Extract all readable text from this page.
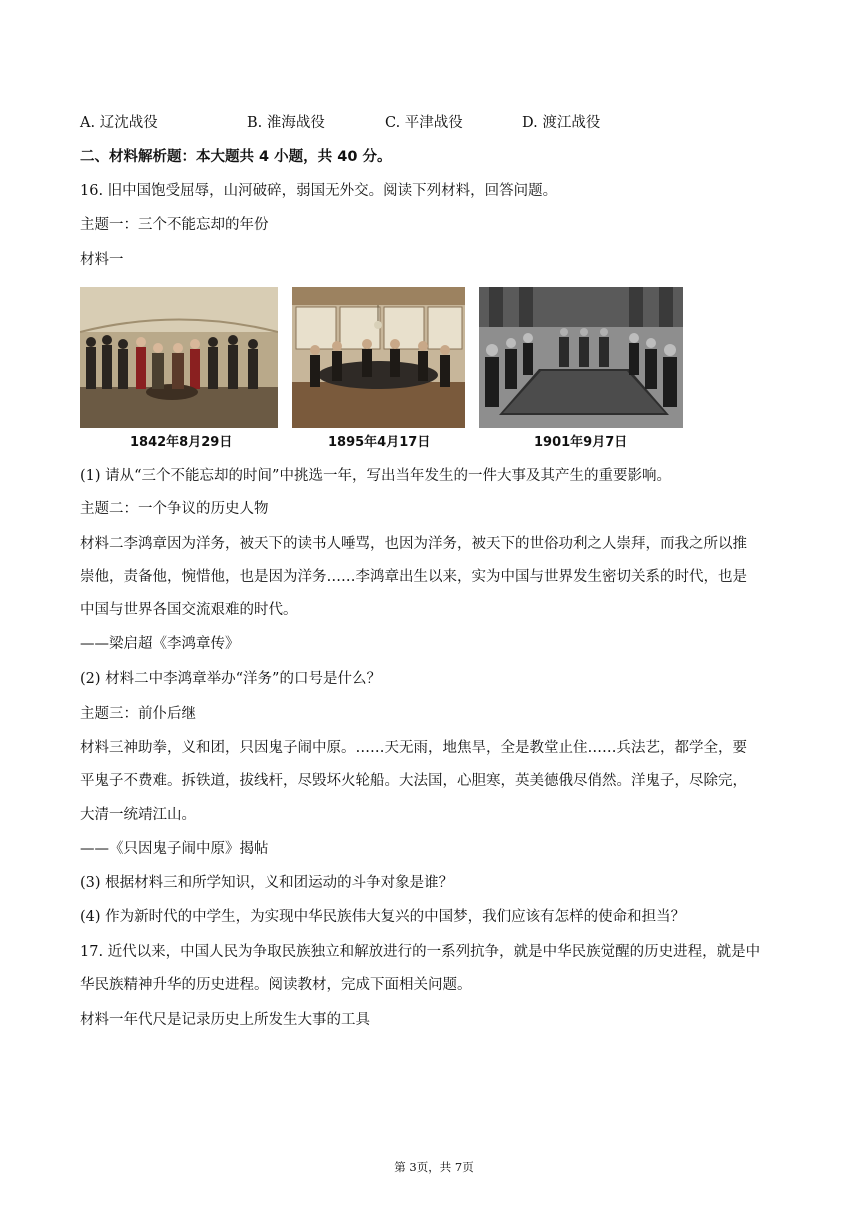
A. 辽沈战役	B. 淮海战役	C. 平津战役	D. 渡江战役
二、材料解析题：本大题共 4 小题，共 40 分。
16. 旧中国饱受屈辱，山河破碎，弱国无外交。阅读下列材料，回答问题。
主题一：三个不能忘却的年份
材料一
1842年8月29日	1895年4月17日	1901年9月7日
(1) 请从“三个不能忘却的时间”中挑选一年，写出当年发生的一件大事及其产生的重要影响。
主题二：一个争议的历史人物
材料二李鸿章因为洋务，被天下的读书人唾骂，也因为洋务，被天下的世俗功利之人崇拜，而我之所以推
崇他，责备他，惋惜他，也是因为洋务……李鸿章出生以来，实为中国与世界发生密切关系的时代，也是
中国与世界各国交流艰难的时代。
——梁启超《李鸿章传》
(2) 材料二中李鸿章举办“洋务”的口号是什么？
主题三：前仆后继
材料三神助拳，义和团，只因鬼子闹中原。……天无雨，地焦旱，全是教堂止住……兵法艺，都学全，要
平鬼子不费难。拆铁道，拔线杆，尽毁坏火轮船。大法国，心胆寒，英美德俄尽俏然。洋鬼子，尽除完，
大清一统靖江山。
——《只因鬼子闹中原》揭帖
(3) 根据材料三和所学知识，义和团运动的斗争对象是谁？
(4) 作为新时代的中学生，为实现中华民族伟大复兴的中国梦，我们应该有怎样的使命和担当？
17. 近代以来，中国人民为争取民族独立和解放进行的一系列抗争，就是中华民族觉醒的历史进程，就是中
华民族精神升华的历史进程。阅读教材，完成下面相关问题。
材料一年代尺是记录历史上所发生大事的工具
第 3页，共 7页
